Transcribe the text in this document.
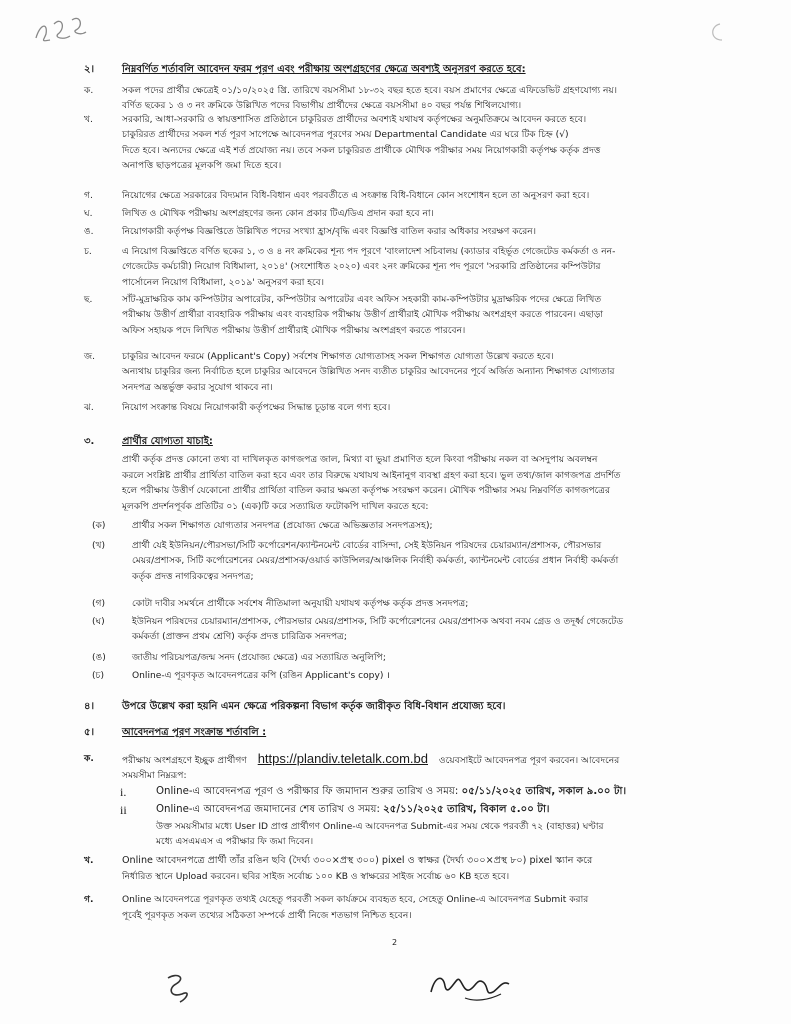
২।	নিম্নবর্ণিত শর্তাবলি আবেদন ফরম পূরণ এবং পরীক্ষায় অংশগ্রহণের ক্ষেত্রে অবশ্যই অনুসরণ করতে হবে:
ক.	সকল পদের প্রার্থীর ক্ষেত্রেই ০১/১০/২০২৫ খ্রি. তারিখে বয়সসীমা ১৮-৩২ বছর হতে হবে। বয়স প্রমাণের ক্ষেত্রে এফিডেভিট গ্রহণযোগ্য নয়।
বর্ণিত ছকের ১ ও ৩ নং ক্রমিকে উল্লিখিত পদের বিভাগীয় প্রার্থীদের ক্ষেত্রে বয়সসীমা ৪০ বছর পর্যন্ত শিথিলযোগ্য।
খ.	সরকারি, আধা-সরকারি ও স্বায়ত্তশাসিত প্রতিষ্ঠানে চাকুরিরত প্রার্থীদের অবশ্যই যথাযথ কর্তৃপক্ষের অনুমতিক্রমে আবেদন করতে হবে।
চাকুরিরত প্রার্থীদের সকল শর্ত পূরণ সাপেক্ষে আবেদনপত্র পূরণের সময় Departmental Candidate এর ঘরে টিক চিহ্ন (√)
দিতে হবে। অন্যদের ক্ষেত্রে এই শর্ত প্রযোজ্য নয়। তবে সকল চাকুরিরত প্রার্থীকে মৌখিক পরীক্ষার সময় নিয়োগকারী কর্তৃপক্ষ কর্তৃক প্রদত্ত
অনাপত্তি ছাড়পত্রের মূলকপি জমা দিতে হবে।
গ.	নিয়োগের ক্ষেত্রে সরকারের বিদ্যমান বিধি-বিধান এবং পরবর্তীতে এ সংক্রান্ত বিধি-বিধানে কোন সংশোধন হলে তা অনুসরণ করা হবে।
ঘ.	লিখিত ও মৌখিক পরীক্ষায় অংশগ্রহণের জন্য কোন প্রকার টিএ/ডিএ প্রদান করা হবে না।
ঙ.	নিয়োগকারী কর্তৃপক্ষ বিজ্ঞপ্তিতে উল্লিখিত পদের সংখ্যা হ্রাস/বৃদ্ধি এবং বিজ্ঞপ্তি বাতিল করার অধিকার সংরক্ষণ করেন।
চ.	এ নিয়োগ বিজ্ঞপ্তিতে বর্ণিত ছকের ১, ৩ ও ৪ নং ক্রমিকের শূন্য পদ পূরণে 'বাংলাদেশ সচিবালয় (ক্যাডার বহির্ভূত গেজেটেড কর্মকর্তা ও নন-
গেজেটেড কর্মচারী) নিয়োগ বিধিমালা, ২০১৪' (সংশোধিত ২০২০) এবং ২নং ক্রমিকের শূন্য পদ পূরণে 'সরকারি প্রতিষ্ঠানের কম্পিউটার
পার্সোনেল নিয়োগ বিধিমালা, ২০১৯' অনুসরণ করা হবে।
ছ.	সাঁট-মুদ্রাক্ষরিক কাম কম্পিউটার অপারেটর, কম্পিউটার অপারেটর এবং অফিস সহকারী কাম-কম্পিউটার মুদ্রাক্ষরিক পদের ক্ষেত্রে লিখিত
পরীক্ষায় উত্তীর্ণ প্রার্থীরা ব্যবহারিক পরীক্ষায় এবং ব্যবহারিক পরীক্ষায় উত্তীর্ণ প্রার্থীরাই মৌখিক পরীক্ষায় অংশগ্রহণ করতে পারবেন। এছাড়া
অফিস সহায়ক পদে লিখিত পরীক্ষায় উত্তীর্ণ প্রার্থীরাই মৌখিক পরীক্ষায় অংশগ্রহণ করতে পারবেন।
জ.	চাকুরির আবেদন ফরমে (Applicant's Copy) সর্বশেষ শিক্ষাগত যোগ্যতাসহ সকল শিক্ষাগত যোগ্যতা উল্লেখ করতে হবে।
অন্যথায় চাকুরির জন্য নির্বাচিত হলে চাকুরির আবেদনে উল্লিখিত সনদ ব্যতীত চাকুরির আবেদনের পূর্বে অর্জিত অন্যান্য শিক্ষাগত যোগ্যতার
সনদপত্র অন্তর্ভুক্ত করার সুযোগ থাকবে না।
ঝ.	নিয়োগ সংক্রান্ত বিষয়ে নিয়োগকারী কর্তৃপক্ষের সিদ্ধান্ত চূড়ান্ত বলে গণ্য হবে।
৩.	প্রার্থীর যোগ্যতা যাচাই:
প্রার্থী কর্তৃক প্রদত্ত কোনো তথ্য বা দাখিলকৃত কাগজপত্র জাল, মিথ্যা বা ভুয়া প্রমাণিত হলে কিংবা পরীক্ষায় নকল বা অসদুপায় অবলম্বন
করলে সংশ্লিষ্ট প্রার্থীর প্রার্থিতা বাতিল করা হবে এবং তার বিরুদ্ধে যথাযথ আইনানুগ ব্যবস্থা গ্রহণ করা হবে। ভুল তথ্য/জাল কাগজপত্র প্রদর্শিত
হলে পরীক্ষায় উত্তীর্ণ যেকোনো প্রার্থীর প্রার্থিতা বাতিল করার ক্ষমতা কর্তৃপক্ষ সংরক্ষণ করেন। মৌখিক পরীক্ষার সময় নিম্নবর্ণিত কাগজপত্রের
মূলকপি প্রদর্শনপূর্বক প্রতিটির ০১ (এক)টি করে সত্যায়িত ফটোকপি দাখিল করতে হবে:
(ক)	প্রার্থীর সকল শিক্ষাগত যোগ্যতার সনদপত্র (প্রযোজ্য ক্ষেত্রে অভিজ্ঞতার সনদপত্রসহ);
(খ)	প্রার্থী যেই ইউনিয়ন/পৌরসভা/সিটি কর্পোরেশন/ক্যান্টনমেন্ট বোর্ডের বাসিন্দা, সেই ইউনিয়ন পরিষদের চেয়ারম্যান/প্রশাসক, পৌরসভার
মেয়র/প্রশাসক, সিটি কর্পোরেশনের মেয়র/প্রশাসক/ওয়ার্ড কাউন্সিলর/আঞ্চলিক নির্বাহী কর্মকর্তা, ক্যান্টনমেন্ট বোর্ডের প্রধান নির্বাহী কর্মকর্তা
কর্তৃক প্রদত্ত নাগরিকত্বের সনদপত্র;
(গ)	কোটা দাবীর সমর্থনে প্রার্থীকে সর্বশেষ নীতিমালা অনুযায়ী যথাযথ কর্তৃপক্ষ কর্তৃক প্রদত্ত সনদপত্র;
(ঘ)	ইউনিয়ন পরিষদের চেয়ারম্যান/প্রশাসক, পৌরসভার মেয়র/প্রশাসক, সিটি কর্পোরেশনের মেয়র/প্রশাসক অথবা নবম গ্রেড ও তদূর্ধ্ব গেজেটেড
কর্মকর্তা (প্রাক্তন প্রথম শ্রেণি) কর্তৃক প্রদত্ত চারিত্রিক সনদপত্র;
(ঙ)	জাতীয় পরিচয়পত্র/জন্ম সনদ (প্রযোজ্য ক্ষেত্রে) এর সত্যায়িত অনুলিপি;
(চ)	Online-এ পূরণকৃত আবেদনপত্রের কপি (রঙিন Applicant's copy) ।
৪।	উপরে উল্লেখ করা হয়নি এমন ক্ষেত্রে পরিকল্পনা বিভাগ কর্তৃক জারীকৃত বিধি-বিধান প্রযোজ্য হবে।
৫।	আবেদনপত্র পূরণ সংক্রান্ত শর্তাবলি :
ক.	পরীক্ষায় অংশগ্রহণে ইচ্ছুক প্রার্থীগণ https://plandiv.teletalk.com.bd ওয়েবসাইটে আবেদনপত্র পূরণ করবেন। আবেদনের
সময়সীমা নিম্নরূপ:
i.	Online-এ আবেদনপত্র পূরণ ও পরীক্ষার ফি জমাদান শুরুর তারিখ ও সময়: ০৫/১১/২০২৫ তারিখ, সকাল ৯.০০ টা।
ii	Online-এ আবেদনপত্র জমাদানের শেষ তারিখ ও সময়: ২৫/১১/২০২৫ তারিখ, বিকাল ৫.০০ টা।
উক্ত সময়সীমার মধ্যে User ID প্রাপ্ত প্রার্থীগণ Online-এ আবেদনপত্র Submit-এর সময় থেকে পরবর্তী ৭২ (বাহাত্তর) ঘণ্টার
মধ্যে এসএমএস এ পরীক্ষার ফি জমা দিবেন।
খ.	Online আবেদনপত্রে প্রার্থী তাঁর রঙিন ছবি (দৈর্ঘ্য ৩০০×প্রস্থ ৩০০) pixel ও স্বাক্ষর (দৈর্ঘ্য ৩০০×প্রস্থ ৮০) pixel স্ক্যান করে
নির্ধারিত স্থানে Upload করবেন। ছবির সাইজ সর্বোচ্চ ১০০ KB ও স্বাক্ষরের সাইজ সর্বোচ্চ ৬০ KB হতে হবে।
গ.	Online আবেদনপত্রে পূরণকৃত তথ্যই যেহেতু পরবর্তী সকল কার্যক্রমে ব্যবহৃত হবে, সেহেতু Online-এ আবেদনপত্র Submit করার
পূর্বেই পূরণকৃত সকল তথ্যের সঠিকতা সম্পর্কে প্রার্থী নিজে শতভাগ নিশ্চিত হবেন।
2
